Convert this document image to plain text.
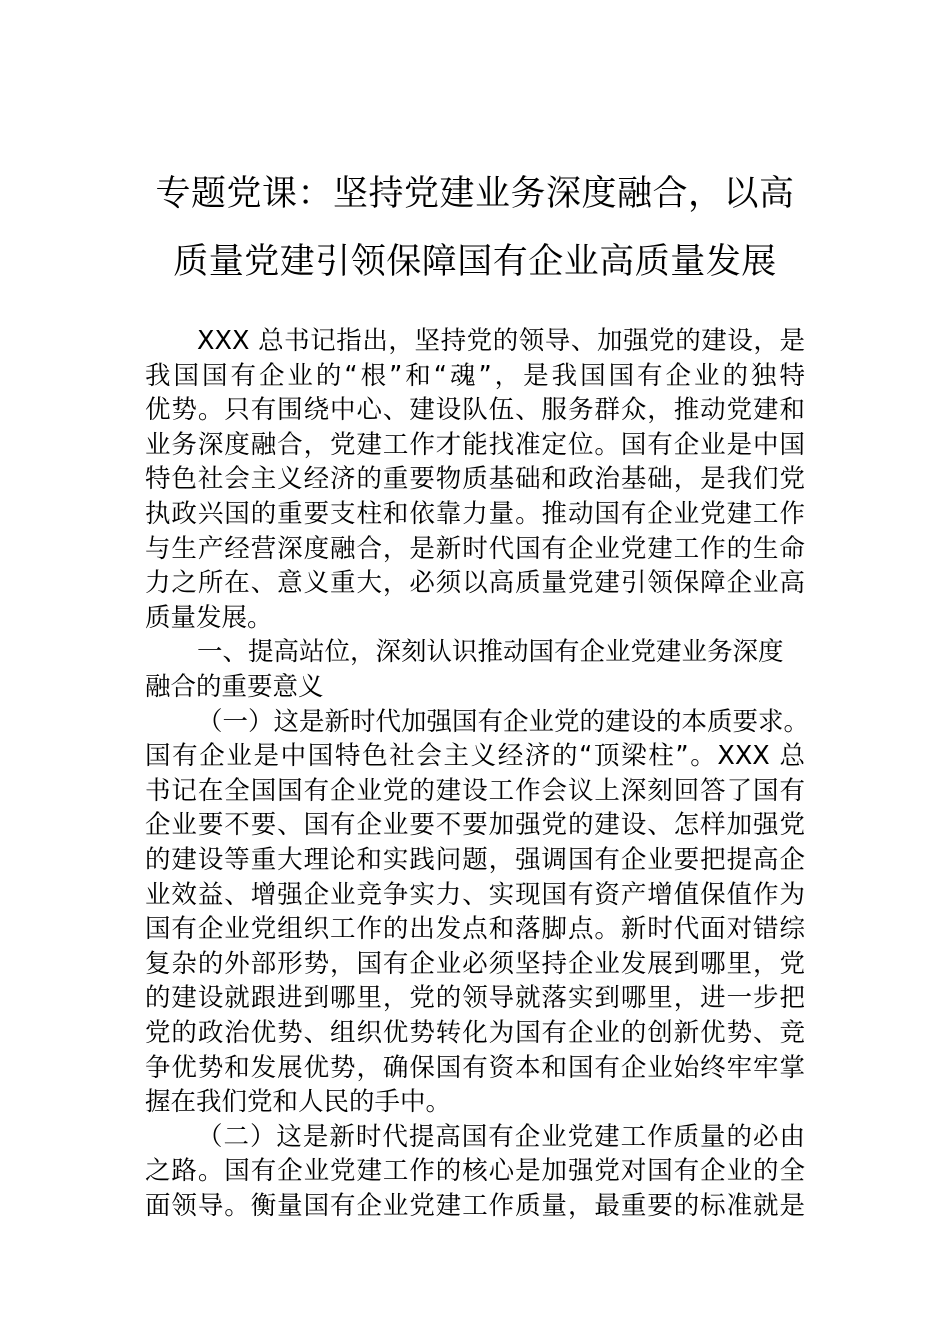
专题党课：坚持党建业务深度融合，以高
质量党建引领保障国有企业高质量发展
XXX 总书记指出，坚持党的领导、加强党的建设，是
我国国有企业的“根”和“魂”，是我国国有企业的独特
优势。只有围绕中心、建设队伍、服务群众，推动党建和
业务深度融合，党建工作才能找准定位。国有企业是中国
特色社会主义经济的重要物质基础和政治基础，是我们党
执政兴国的重要支柱和依靠力量。推动国有企业党建工作
与生产经营深度融合，是新时代国有企业党建工作的生命
力之所在、意义重大，必须以高质量党建引领保障企业高
质量发展。
一、提高站位，深刻认识推动国有企业党建业务深度
融合的重要意义
（一）这是新时代加强国有企业党的建设的本质要求。
国有企业是中国特色社会主义经济的“顶梁柱”。XXX 总
书记在全国国有企业党的建设工作会议上深刻回答了国有
企业要不要、国有企业要不要加强党的建设、怎样加强党
的建设等重大理论和实践问题，强调国有企业要把提高企
业效益、增强企业竞争实力、实现国有资产增值保值作为
国有企业党组织工作的出发点和落脚点。新时代面对错综
复杂的外部形势，国有企业必须坚持企业发展到哪里，党
的建设就跟进到哪里，党的领导就落实到哪里，进一步把
党的政治优势、组织优势转化为国有企业的创新优势、竞
争优势和发展优势，确保国有资本和国有企业始终牢牢掌
握在我们党和人民的手中。
（二）这是新时代提高国有企业党建工作质量的必由
之路。国有企业党建工作的核心是加强党对国有企业的全
面领导。衡量国有企业党建工作质量，最重要的标准就是
